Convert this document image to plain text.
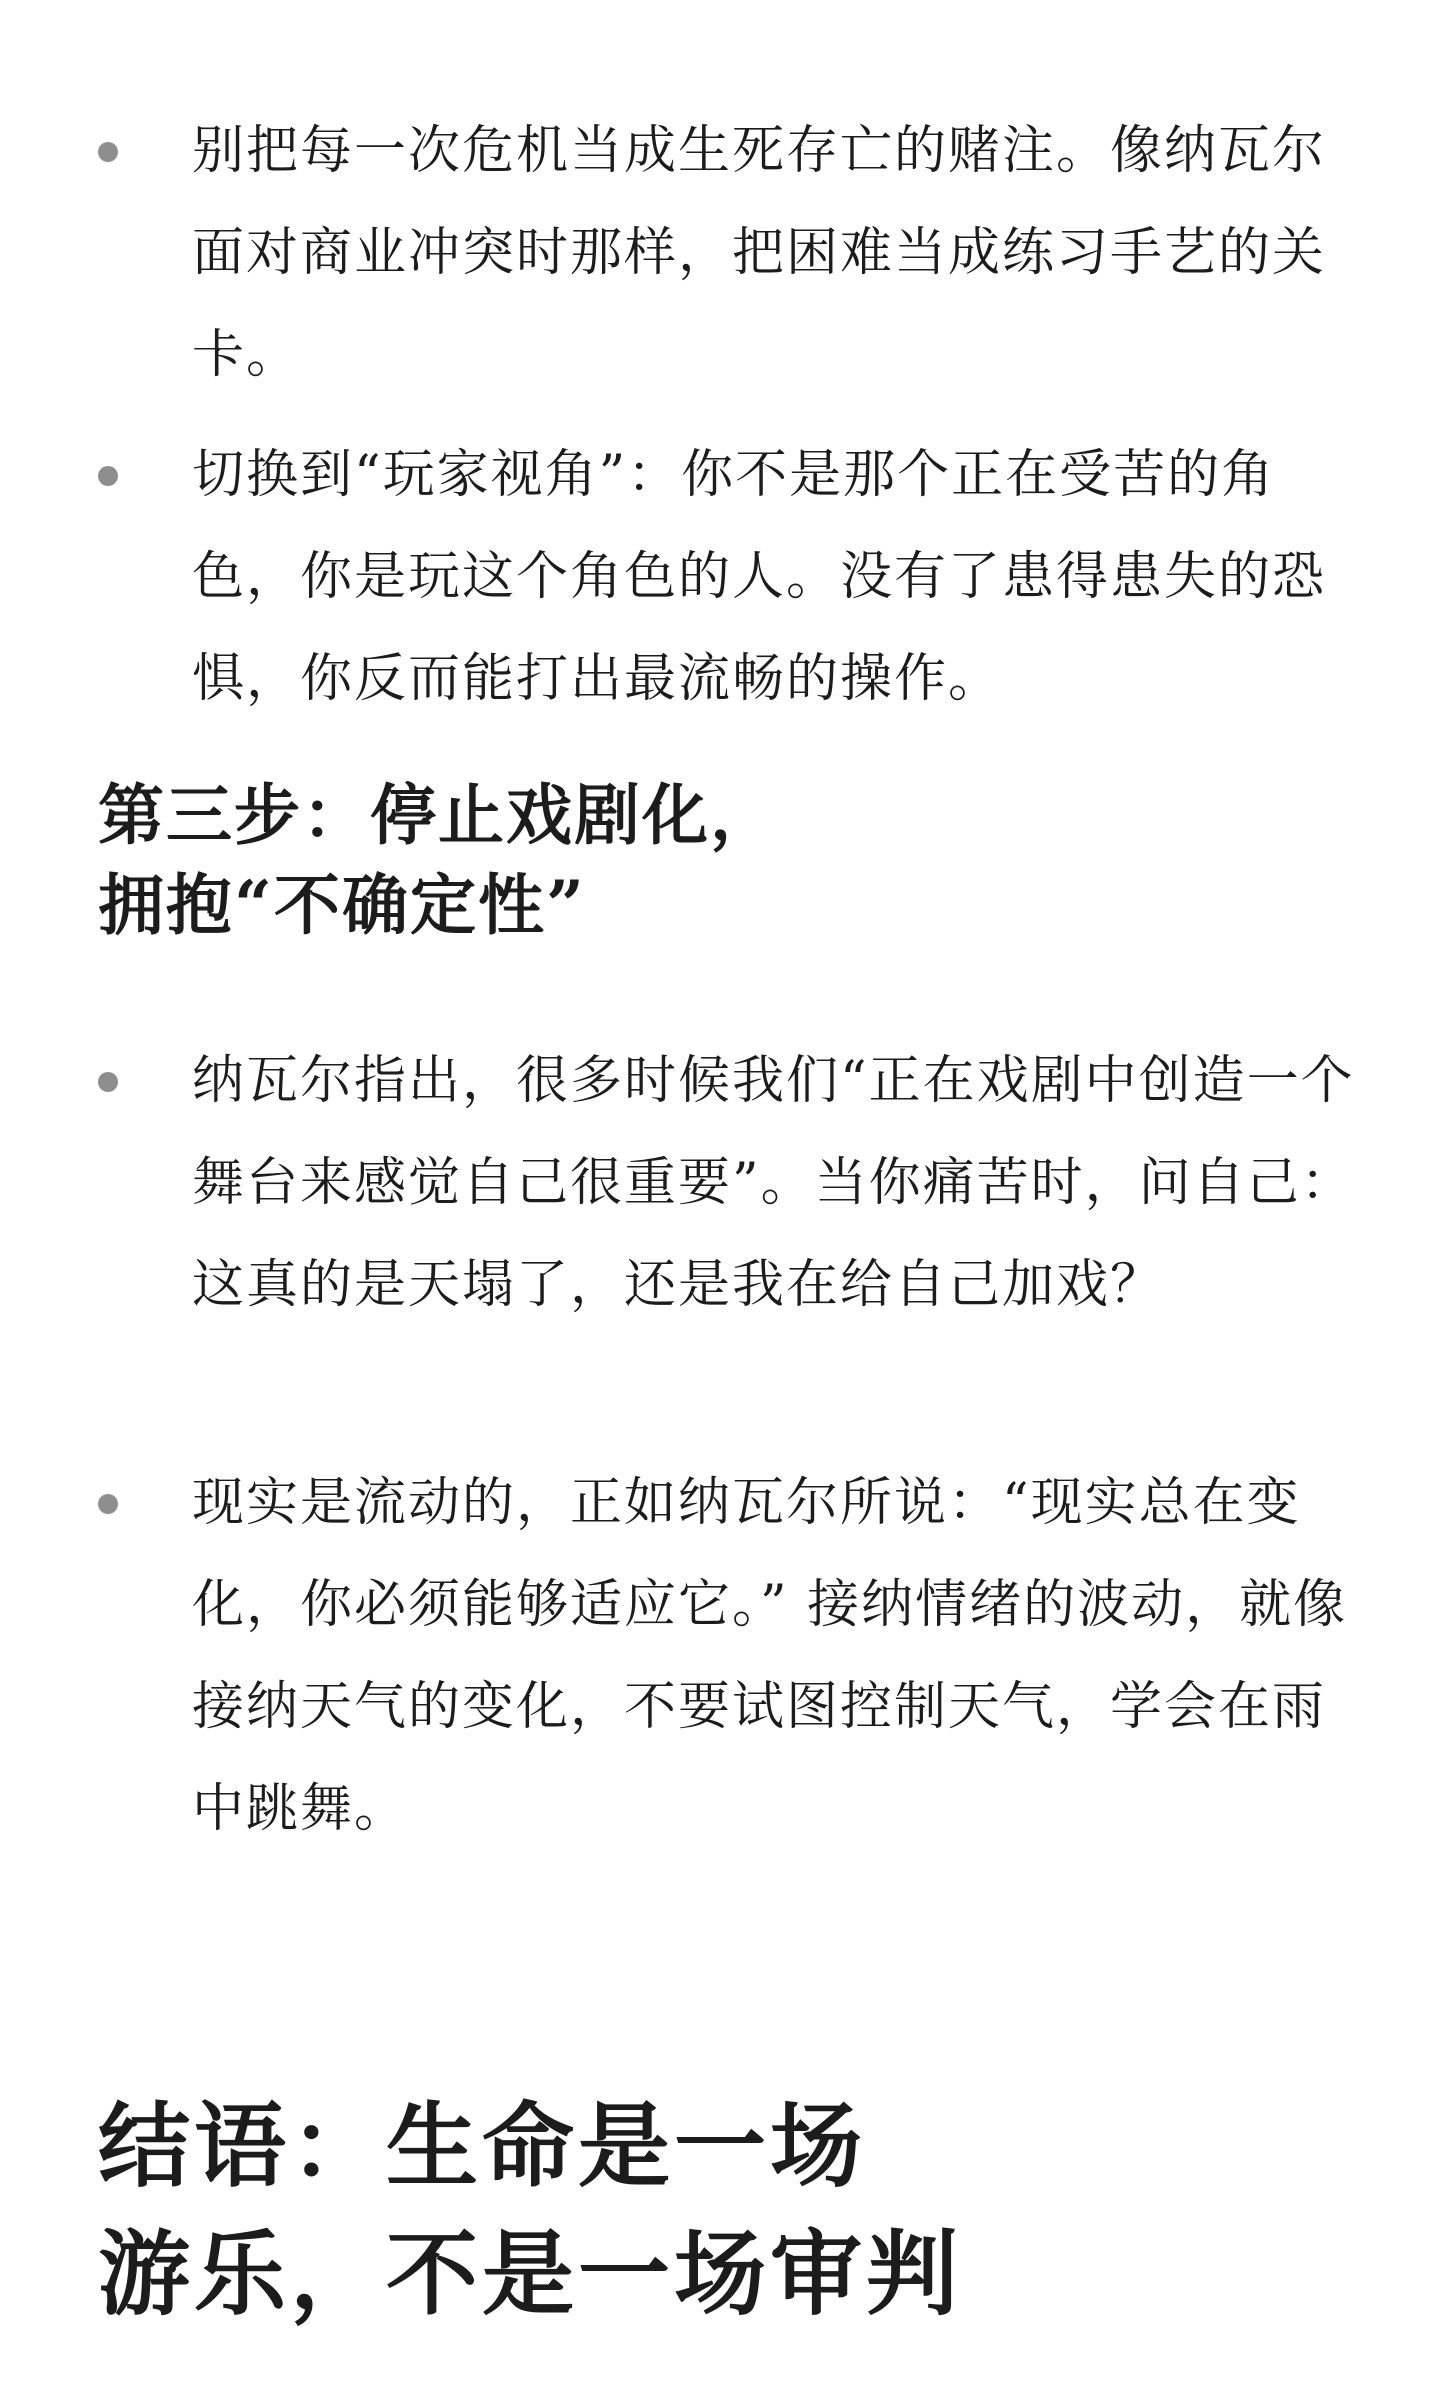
别把每一次危机当成生死存亡的赌注。像纳瓦尔面对商业冲突时那样，把困难当成练习手艺的关卡。
切换到“玩家视角”：你不是那个正在受苦的角色，你是玩这个角色的人。没有了患得患失的恐惧，你反而能打出最流畅的操作。
第三步：停止戏剧化，
拥抱“不确定性”
纳瓦尔指出，很多时候我们“正在戏剧中创造一个舞台来感觉自己很重要”。当你痛苦时，问自己：这真的是天塌了，还是我在给自己加戏？
现实是流动的，正如纳瓦尔所说：“现实总在变化，你必须能够适应它。” 接纳情绪的波动，就像接纳天气的变化，不要试图控制天气，学会在雨中跳舞。
结语：生命是一场
游乐，不是一场审判
